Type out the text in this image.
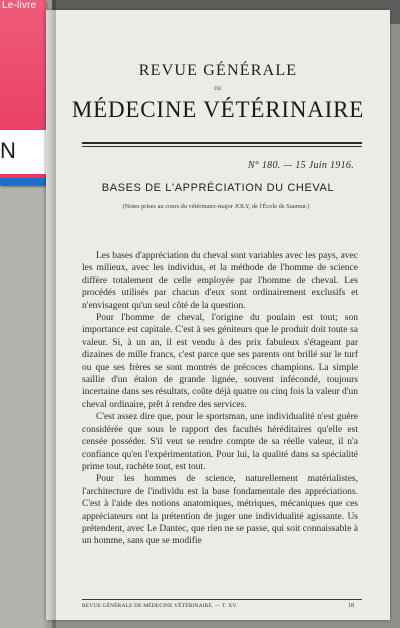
Le-livre
N
REVUE GÉNÉRALE
DE
MÉDECINE VÉTÉRINAIRE
N° 180. — 15 Juin 1916.
BASES DE L'APPRÉCIATION DU CHEVAL
(Notes prises au cours du vétérinaire-major JOLY, de l'École de Saumur.)

Les bases d'appréciation du cheval sont variables avec les pays, avec les milieux, avec les individus, et la méthode de l'homme de science diffère totalement de celle employée par l'homme de cheval. Les procédés utilisés par chacun d'eux sont ordinairement exclusifs et n'envisagent qu'un seul côté de la question.

Pour l'homme de cheval, l'origine du poulain est tout; son importance est capitale. C'est à ses géniteurs que le produit doit toute sa valeur. Si, à un an, il est vendu à des prix fabuleux s'étageant par dizaines de mille francs, c'est parce que ses parents ont brillé sur le turf ou que ses frères se sont montrés de précoces champions. La simple saillie d'un étalon de grande lignée, souvent infécondé, toujours incertaine dans ses résultats, coûte déjà quatre ou cinq fois la valeur d'un cheval ordinaire, prêt à rendre des services.

C'est assez dire que, pour le sportsman, une individualité n'est guère considérée que sous le rapport des facultés héréditaires qu'elle est censée posséder. S'il veut se rendre compte de sa réelle valeur, il n'a confiance qu'en l'expérimentation. Pour lui, la qualité dans sa spécialité prime tout, rachète tout, est tout.

Pour les hommes de science, naturellement matérialistes, l'architecture de l'individu est la base fondamentale des appréciations. C'est à l'aide des notions anatomiques, métriques, mécaniques que ces appréciateurs ont la prétention de juger une individualité agissante. Us prétendent, avec Le Dantec, que rien ne se passe, qui soit connaissable à un homme, sans que se modifie

REVUE GÉNÉRALE DE MÉDECINE VÉTÉRINAIRE. — T. XV.	18
